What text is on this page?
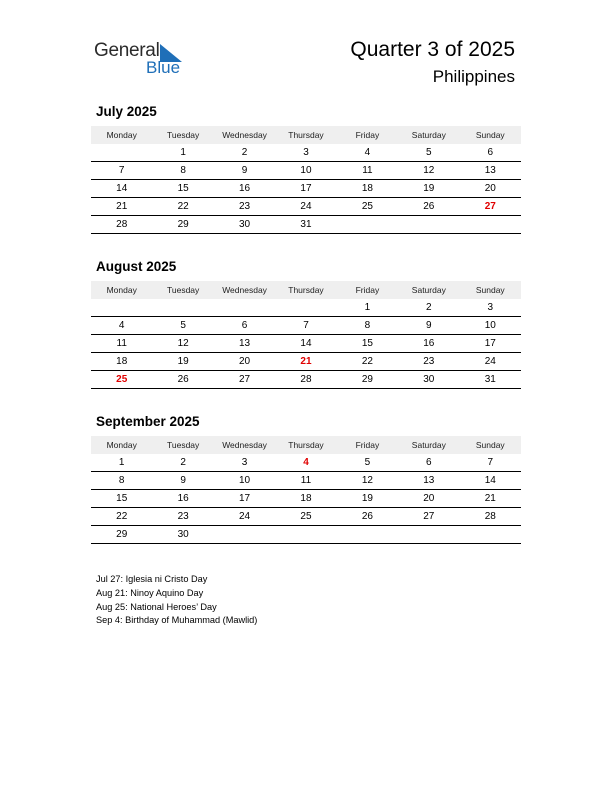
General
Blue
Quarter 3 of 2025
Philippines
July 2025
Monday	Tuesday	Wednesday	Thursday	Friday	Saturday	Sunday
	1	2	3	4	5	6
7	8	9	10	11	12	13
14	15	16	17	18	19	20
21	22	23	24	25	26	27
28	29	30	31			
August 2025
Monday	Tuesday	Wednesday	Thursday	Friday	Saturday	Sunday
				1	2	3
4	5	6	7	8	9	10
11	12	13	14	15	16	17
18	19	20	21	22	23	24
25	26	27	28	29	30	31
September 2025
Monday	Tuesday	Wednesday	Thursday	Friday	Saturday	Sunday
1	2	3	4	5	6	7
8	9	10	11	12	13	14
15	16	17	18	19	20	21
22	23	24	25	26	27	28
29	30					
Jul 27: Iglesia ni Cristo Day
Aug 21: Ninoy Aquino Day
Aug 25: National Heroes’ Day
Sep 4: Birthday of Muhammad (Mawlid)
